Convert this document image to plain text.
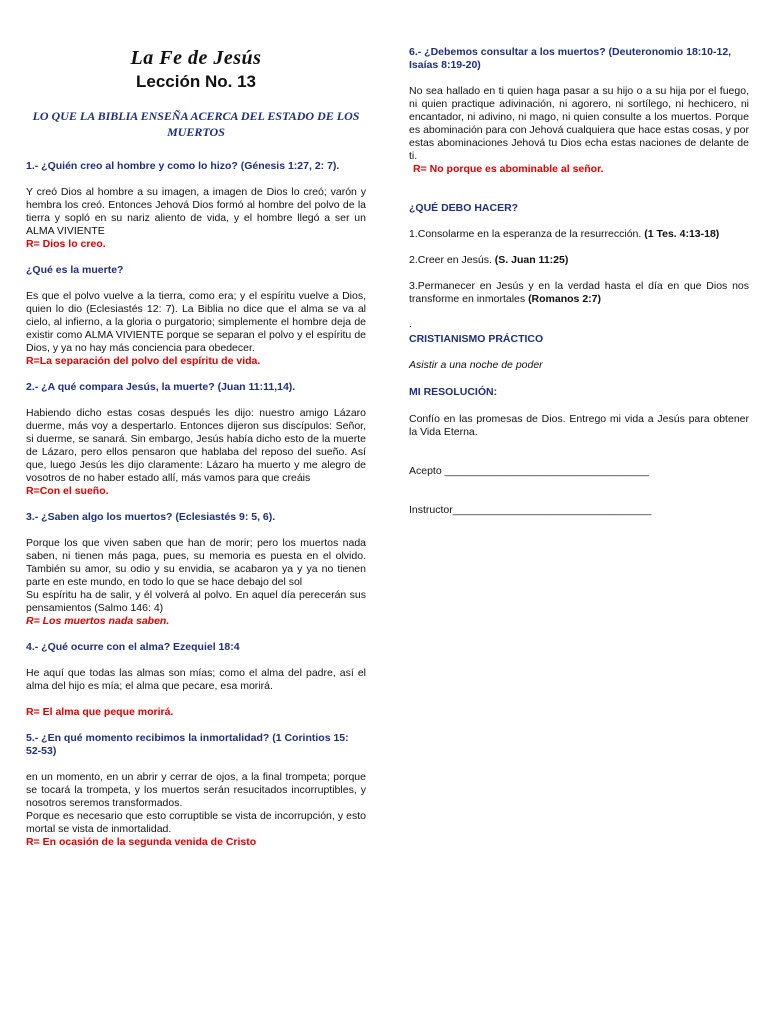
La Fe de Jesús
Lección No. 13
LO QUE LA BIBLIA ENSEÑA ACERCA DEL ESTADO DE LOS MUERTOS

1.- ¿Quién creo al hombre y como lo hizo? (Génesis 1:27, 2: 7).

Y creó Dios al hombre a su imagen, a imagen de Dios lo creó; varón y hembra los creó. Entonces Jehová Dios formó al hombre del polvo de la tierra y sopló en su nariz aliento de vida, y el hombre llegó a ser un ALMA VIVIENTE

R= Dios lo creo.

¿Qué es la muerte?

Es que el polvo vuelve a la tierra, como era; y el espíritu vuelve a Dios, quien lo dio (Eclesiastés 12: 7). La Biblia no dice que el alma se va al cielo, al infierno, a la gloria o purgatorio; simplemente el hombre deja de existir como ALMA VIVIENTE porque se separan el polvo y el espíritu de Dios, y ya no hay más conciencia para obedecer.

R=La separación del polvo del espíritu de vida.

2.- ¿A qué compara Jesús, la muerte? (Juan 11:11,14).

Habiendo dicho estas cosas después les dijo: nuestro amigo Lázaro duerme, más voy a despertarlo. Entonces dijeron sus discípulos: Señor, si duerme, se sanará. Sin embargo, Jesús había dicho esto de la muerte de Lázaro, pero ellos pensaron que hablaba del reposo del sueño. Así que, luego Jesús les dijo claramente: Lázaro ha muerto y me alegro de vosotros de no haber estado allí, más vamos para que creáis

R=Con el sueño.

3.- ¿Saben algo los muertos? (Eclesiastés 9: 5, 6).

Porque los que viven saben que han de morir; pero los muertos nada saben, ni tienen más paga, pues, su memoria es puesta en el olvido. También su amor, su odio y su envidia, se acabaron ya y ya no tienen parte en este mundo, en todo lo que se hace debajo del sol

Su espíritu ha de salir, y él volverá al polvo. En aquel día perecerán sus pensamientos (Salmo 146: 4)

R= Los muertos nada saben.

4.- ¿Qué ocurre con el alma? Ezequiel 18:4

He aquí que todas las almas son mías; como el alma del padre, así el alma del hijo es mía; el alma que pecare, esa morirá.

R= El alma que peque morirá.

5.- ¿En qué momento recibimos la inmortalidad? (1 Corintios 15: 52-53)

en un momento, en un abrir y cerrar de ojos, a la final trompeta; porque se tocará la trompeta, y los muertos serán resucitados incorruptibles, y nosotros seremos transformados.

Porque es necesario que esto corruptible se vista de incorrupción, y esto mortal se vista de inmortalidad.

R= En ocasión de la segunda venida de Cristo

6.- ¿Debemos consultar a los muertos? (Deuteronomio 18:10-12, Isaías 8:19-20)

No sea hallado en ti quien haga pasar a su hijo o a su hija por el fuego, ni quien practique adivinación, ni agorero, ni sortílego, ni hechicero, ni encantador, ni adivino, ni mago, ni quien consulte a los muertos. Porque es abominación para con Jehová cualquiera que hace estas cosas, y por estas abominaciones Jehová tu Dios echa estas naciones de delante de ti.

R= No porque es abominable al señor.

¿QUÉ DEBO HACER?

1.Consolarme en la esperanza de la resurrección. (1 Tes. 4:13-18)

2.Creer en Jesús. (S. Juan 11:25)

3.Permanecer en Jesús y en la verdad hasta el día en que Dios nos transforme en inmortales (Romanos 2:7)

.

CRISTIANISMO PRÁCTICO

Asistir a una noche de poder

MI RESOLUCIÓN:

Confío en las promesas de Dios. Entrego mi vida a Jesús para obtener la Vida Eterna.

Acepto ___________________________________

Instructor__________________________________
